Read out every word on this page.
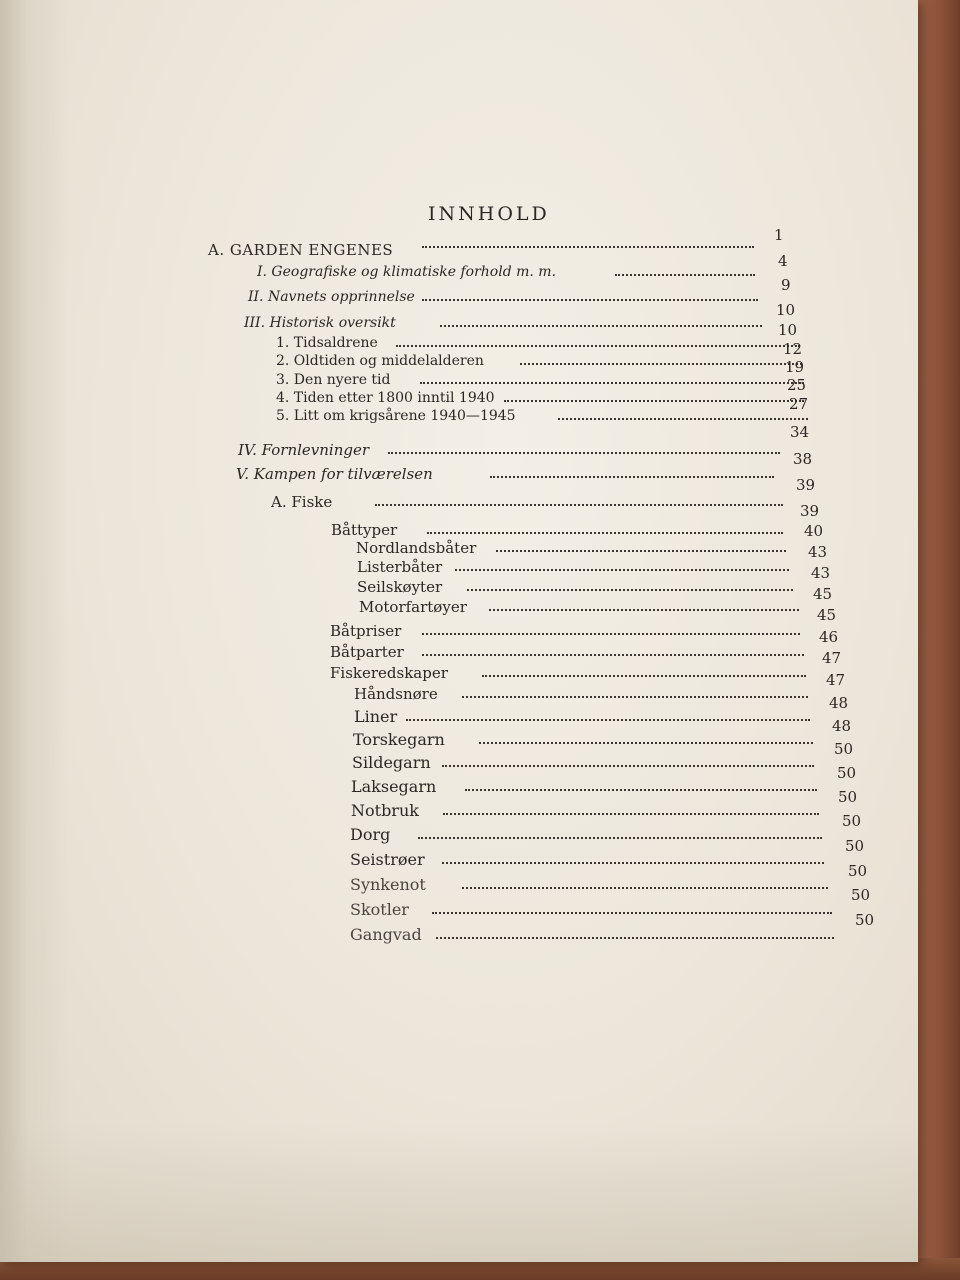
INNHOLD
A. GARDEN ENGENES
1
I. Geografiske og klimatiske forhold m. m.
4
II. Navnets opprinnelse
9
III. Historisk oversikt
10
1. Tidsaldrene
10
2. Oldtiden og middelalderen
12
3. Den nyere tid
19
4. Tiden etter 1800 inntil 1940
25
5. Litt om krigsårene 1940—1945
27
IV. Fornlevninger
34
V. Kampen for tilværelsen
38
A. Fiske
39
Båttyper
39
Nordlandsbåter
40
Listerbåter
43
Seilskøyter
43
Motorfartøyer
45
Båtpriser
45
Båtparter
46
Fiskeredskaper
47
Håndsnøre
47
Liner
48
Torskegarn
48
Sildegarn
50
Laksegarn
50
Notbruk
50
Dorg
50
Seistrøer
50
Synkenot
50
Skotler
50
Gangvad
50
